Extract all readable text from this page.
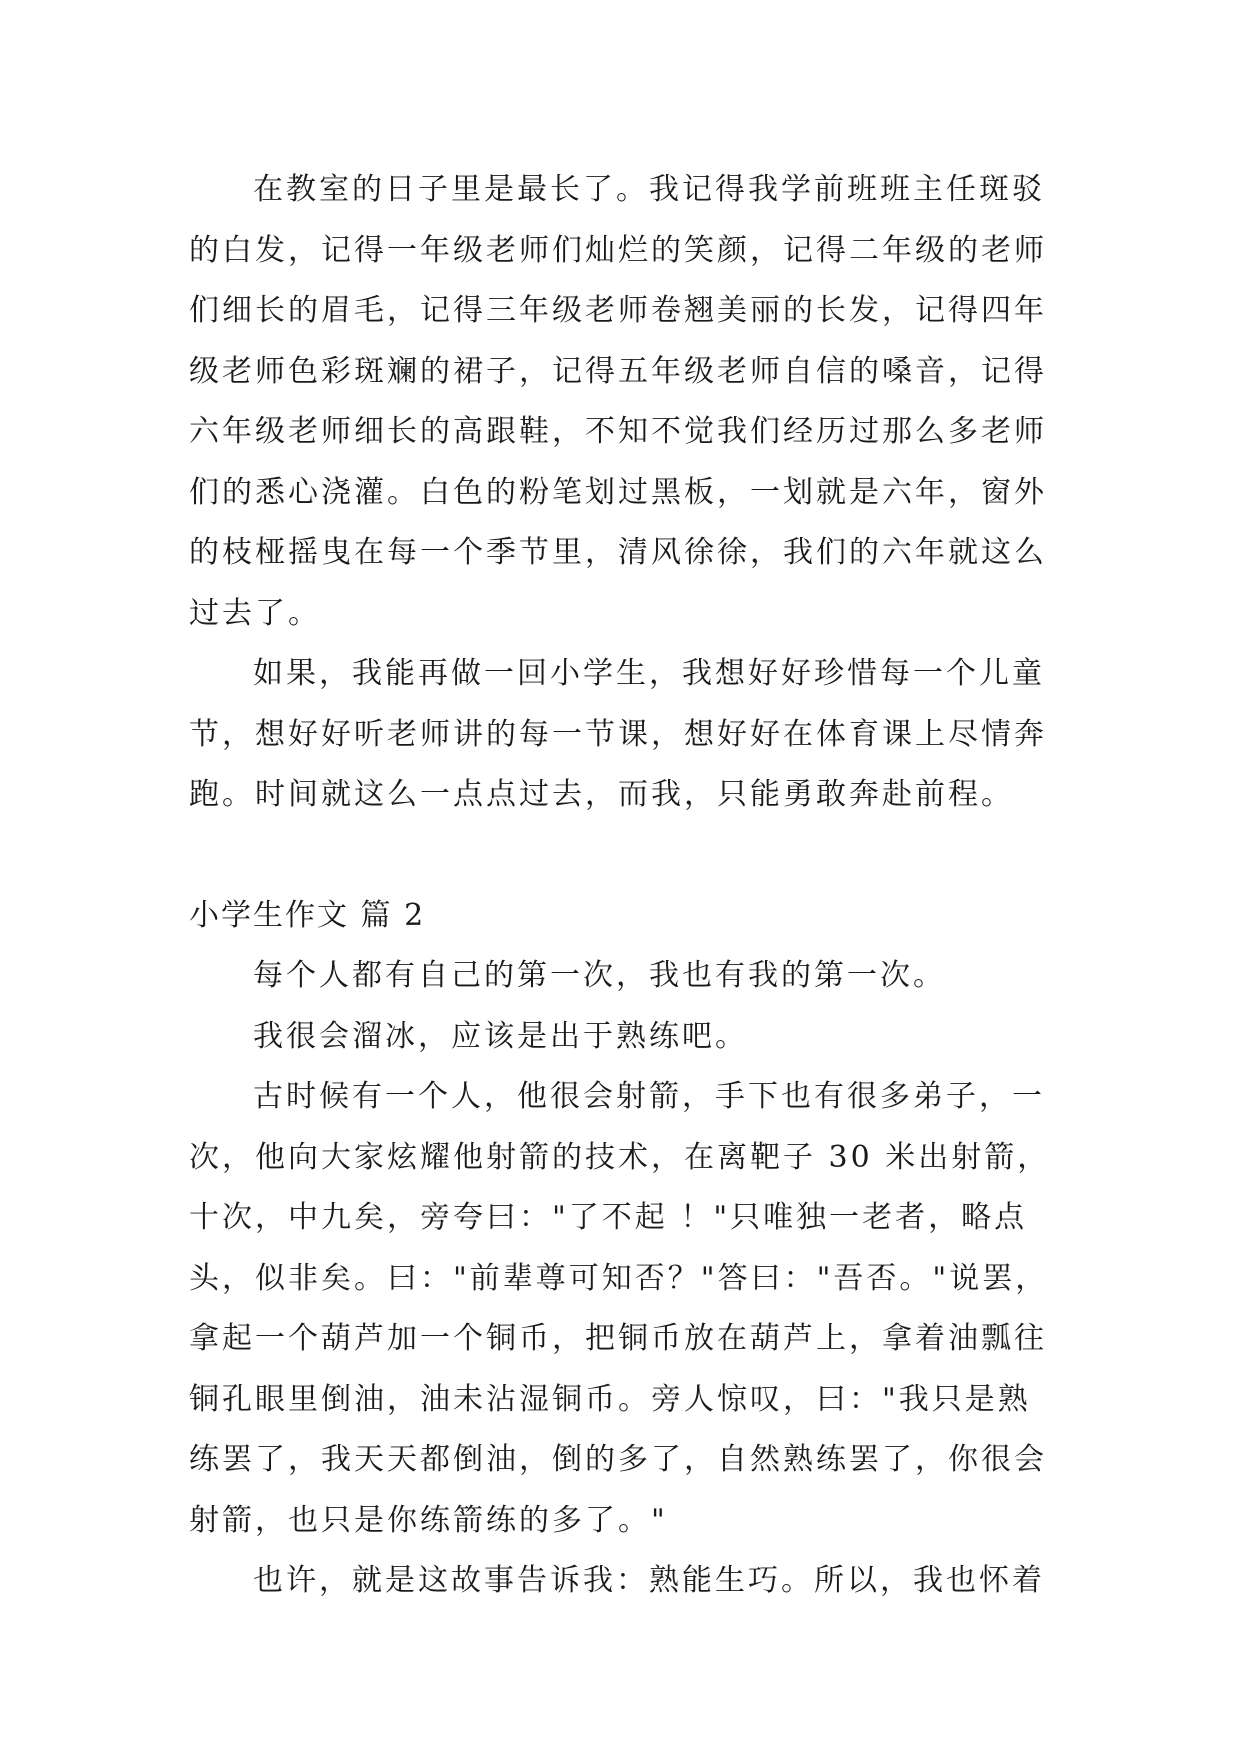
在教室的日子里是最长了。我记得我学前班班主任斑驳
的白发，记得一年级老师们灿烂的笑颜，记得二年级的老师
们细长的眉毛，记得三年级老师卷翘美丽的长发，记得四年
级老师色彩斑斓的裙子，记得五年级老师自信的嗓音，记得
六年级老师细长的高跟鞋，不知不觉我们经历过那么多老师
们的悉心浇灌。白色的粉笔划过黑板，一划就是六年，窗外
的枝桠摇曳在每一个季节里，清风徐徐，我们的六年就这么
过去了。
如果，我能再做一回小学生，我想好好珍惜每一个儿童
节，想好好听老师讲的每一节课，想好好在体育课上尽情奔
跑。时间就这么一点点过去，而我，只能勇敢奔赴前程。
小学生作文 篇 2
每个人都有自己的第一次，我也有我的第一次。
我很会溜冰，应该是出于熟练吧。
古时候有一个人，他很会射箭，手下也有很多弟子，一
次，他向大家炫耀他射箭的技术，在离靶子 30 米出射箭，
十次，中九矣，旁夸曰："了不起 ！"只唯独一老者，略点
头，似非矣。曰："前辈尊可知否？"答曰："吾否。"说罢，
拿起一个葫芦加一个铜币，把铜币放在葫芦上，拿着油瓢往
铜孔眼里倒油，油未沾湿铜币。旁人惊叹，曰："我只是熟
练罢了，我天天都倒油，倒的多了，自然熟练罢了，你很会
射箭，也只是你练箭练的多了。"
也许，就是这故事告诉我：熟能生巧。所以，我也怀着
